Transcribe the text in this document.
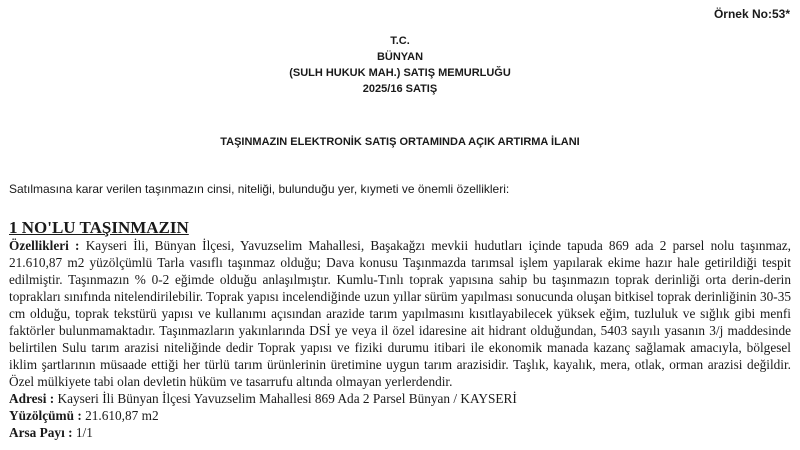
Örnek No:53*
T.C.
BÜNYAN
(SULH HUKUK MAH.) SATIŞ MEMURLUĞU
2025/16 SATIŞ
TAŞINMAZIN ELEKTRONİK SATIŞ ORTAMINDA AÇIK ARTIRMA İLANI
Satılmasına karar verilen taşınmazın cinsi, niteliği, bulunduğu yer, kıymeti ve önemli özellikleri:
1 NO'LU TAŞINMAZIN

Özellikleri : Kayseri İli, Bünyan İlçesi, Yavuzselim Mahallesi, Başakağzı mevkii hudutları içinde tapuda 869 ada 2 parsel nolu taşınmaz, 21.610,87 m2 yüzölçümlü Tarla vasıflı taşınmaz olduğu; Dava konusu Taşınmazda tarımsal işlem yapılarak ekime hazır hale getirildiği tespit edilmiştir. Taşınmazın % 0-2 eğimde olduğu anlaşılmıştır. Kumlu-Tınlı toprak yapısına sahip bu taşınmazın toprak derinliği orta derin-derin toprakları sınıfında nitelendirilebilir. Toprak yapısı incelendiğinde uzun yıllar sürüm yapılması sonucunda oluşan bitkisel toprak derinliğinin 30-35 cm olduğu, toprak tekstürü yapısı ve kullanımı açısından arazide tarım yapılmasını kısıtlayabilecek yüksek eğim, tuzluluk ve sığlık gibi menfi faktörler bulunmamaktadır. Taşınmazların yakınlarında DSİ ye veya il özel idaresine ait hidrant olduğundan, 5403 sayılı yasanın 3/j maddesinde belirtilen Sulu tarım arazisi niteliğinde dedir Toprak yapısı ve fiziki durumu itibari ile ekonomik manada kazanç sağlamak amacıyla, bölgesel iklim şartlarının müsaade ettiği her türlü tarım ürünlerinin üretimine uygun tarım arazisidir. Taşlık, kayalık, mera, otlak, orman arazisi değildir. Özel mülkiyete tabi olan devletin hüküm ve tasarrufu altında olmayan yerlerdendir.

Adresi : Kayseri İli Bünyan İlçesi Yavuzselim Mahallesi 869 Ada 2 Parsel Bünyan / KAYSERİ

Yüzölçümü : 21.610,87 m2

Arsa Payı : 1/1
